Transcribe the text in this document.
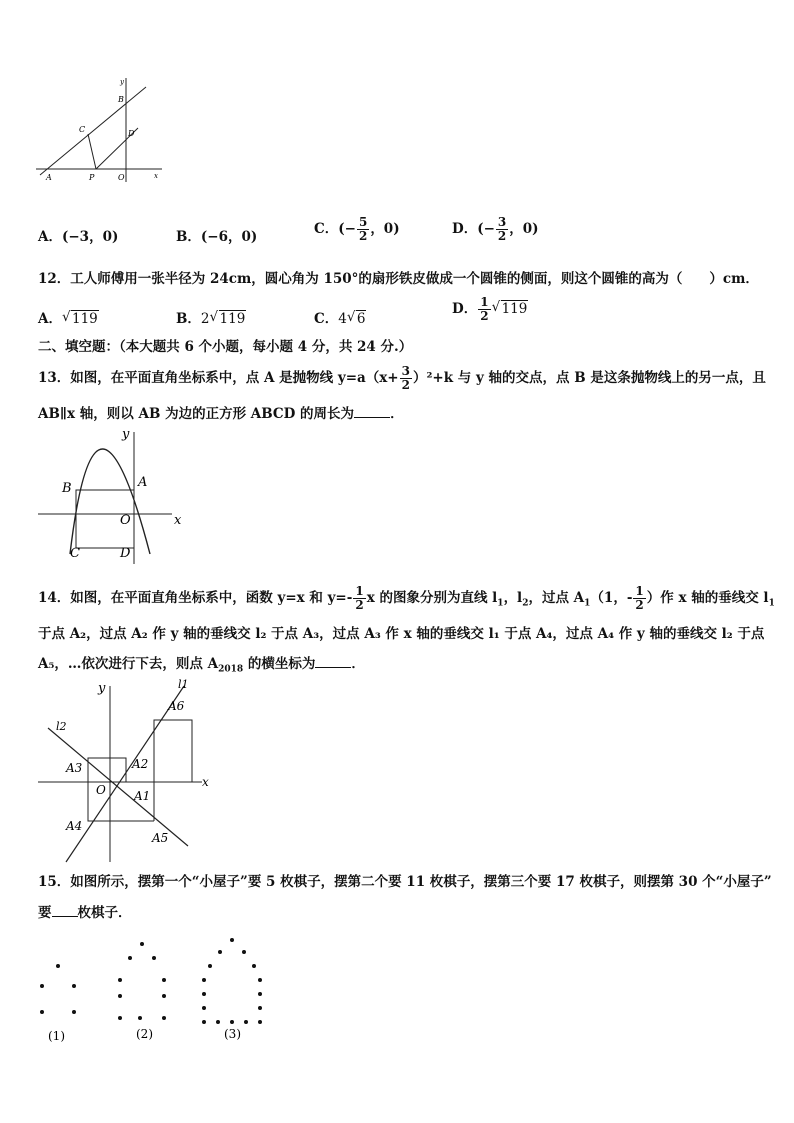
y
B
C	D
A	P	O	x
A．(−3，0)	B．(−6，0)	C．(− $\frac{5}{2}$ ，0)	D．(− $\frac{3}{2}$ ，0)
12．工人师傅用一张半径为 24cm，圆心角为 150°的扇形铁皮做成一个圆锥的侧面，则这个圆锥的高为（　　）cm．
A． √ 119	B．2 √ 119	C．4 √ 6
D． $\frac{1}{2}$ √ 119
二、填空题：（本大题共 6 个小题，每小题 4 分，共 24 分.）
13．如图，在平面直角坐标系中，点 A 是抛物线 $y=a(x+ \frac{3}{2} )^2+k$ 与 y 轴的交点，点 B 是这条抛物线上的另一点，且
AB∥x 轴，则以 AB 为边的正方形 ABCD 的周长为	．
y
B	A
O	x
C	D
14．如图，在平面直角坐标系中，函数 y=x 和 $y=- \frac{1}{2}$ x 的图象分别为直线 $l_1$，$l_2$，过点 $A_1(1$，- $\frac{1}{2}$ ）作 x 轴的垂线交 $l_1$
于点 A₂，过点 A₂ 作 y 轴的垂线交 l₂ 于点 A₃，过点 A₃ 作 x 轴的垂线交 l₁ 于点 A₄，过点 A₄ 作 y 轴的垂线交 l₂ 于点
A₅，…依次进行下去，则点 $A_{2018}$ 的横坐标为	．
y	l1
l2
A6
A3	A2
x
O A1
A4
A5
15．如图所示，摆第一个“小屋子”要 5 枚棋子，摆第二个要 11 枚棋子，摆第三个要 17 枚棋子，则摆第 30 个“小屋子”
要 枚棋子．
(1)	(2)	(3)
